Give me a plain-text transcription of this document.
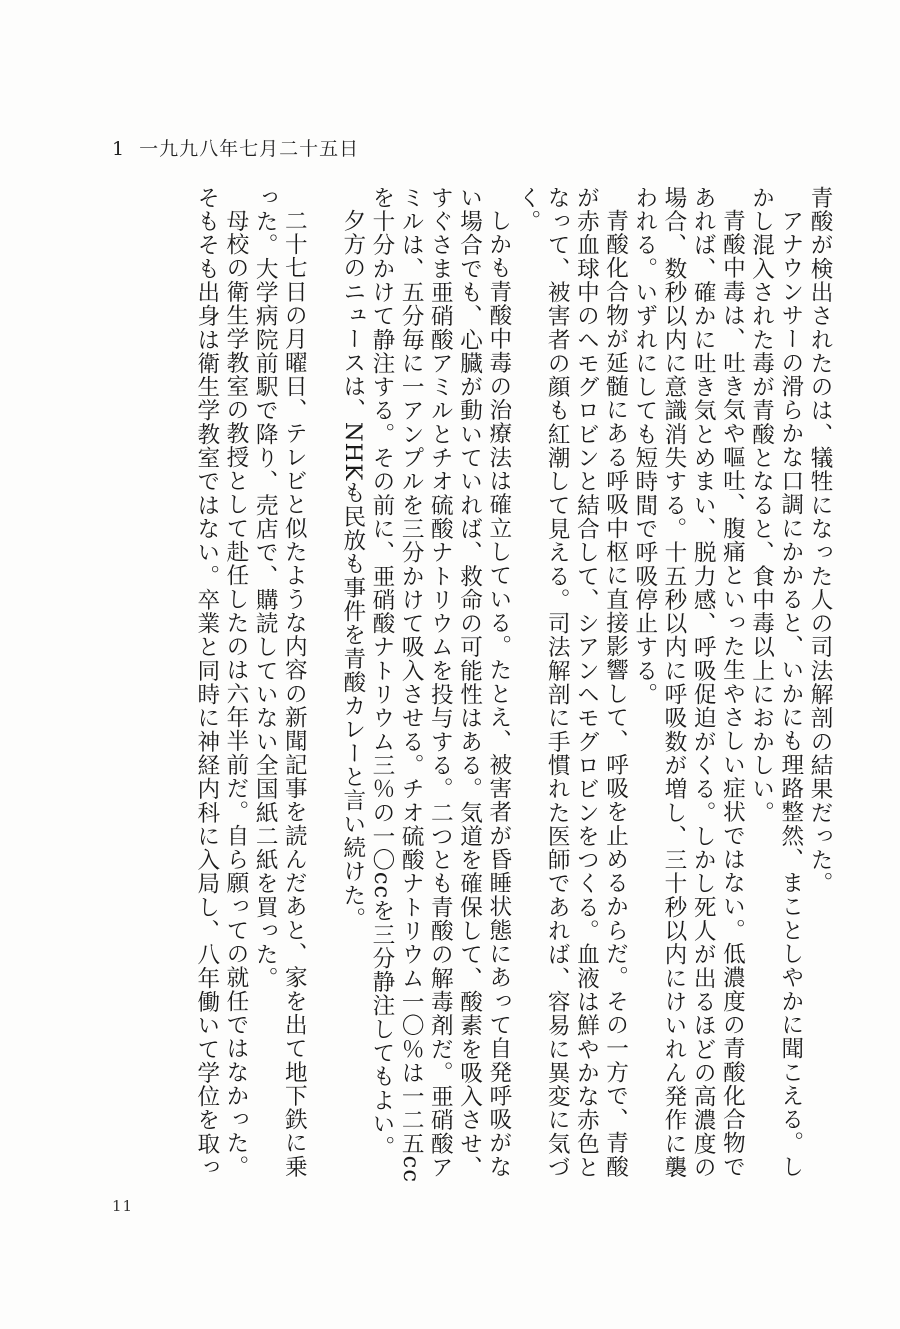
1 一九九八年七月二十五日

青酸が検出されたのは、犠牲になった人の司法解剖の結果だった。

アナウンサーの滑らかな口調にかかると、いかにも理路整然、まことしやかに聞こえる。しかし混入された毒が青酸となると、食中毒以上におかしい。

青酸中毒は、吐き気や嘔吐、腹痛といった生やさしい症状ではない。低濃度の青酸化合物であれば、確かに吐き気とめまい、脱力感、呼吸促迫がくる。しかし死人が出るほどの高濃度の場合、数秒以内に意識消失する。十五秒以内に呼吸数が増し、三十秒以内にけいれん発作に襲われる。いずれにしても短時間で呼吸停止する。

青酸化合物が延髄にある呼吸中枢に直接影響して、呼吸を止めるからだ。その一方で、青酸が赤血球中のヘモグロビンと結合して、シアンヘモグロビンをつくる。血液は鮮やかな赤色となって、被害者の顔も紅潮して見える。司法解剖に手慣れた医師であれば、容易に異変に気づく。

しかも青酸中毒の治療法は確立している。たとえ、被害者が昏睡状態にあって自発呼吸がない場合でも、心臓が動いていれば、救命の可能性はある。気道を確保して、酸素を吸入させ、すぐさま亜硝酸アミルとチオ硫酸ナトリウムを投与する。二つとも青酸の解毒剤だ。亜硝酸アミルは、五分毎に一アンプルを三分かけて吸入させる。チオ硫酸ナトリウム一〇％は一二五ccを十分かけて静注する。その前に、亜硝酸ナトリウム三％の一〇ccを三分静注してもよい。

夕方のニュースは、NHKも民放も事件を青酸カレーと言い続けた。

二十七日の月曜日、テレビと似たような内容の新聞記事を読んだあと、家を出て地下鉄に乗った。大学病院前駅で降り、売店で、購読していない全国紙二紙を買った。

母校の衛生学教室の教授として赴任したのは六年半前だ。自ら願っての就任ではなかった。そもそも出身は衛生学教室ではない。卒業と同時に神経内科に入局し、八年働いて学位を取っ

11
